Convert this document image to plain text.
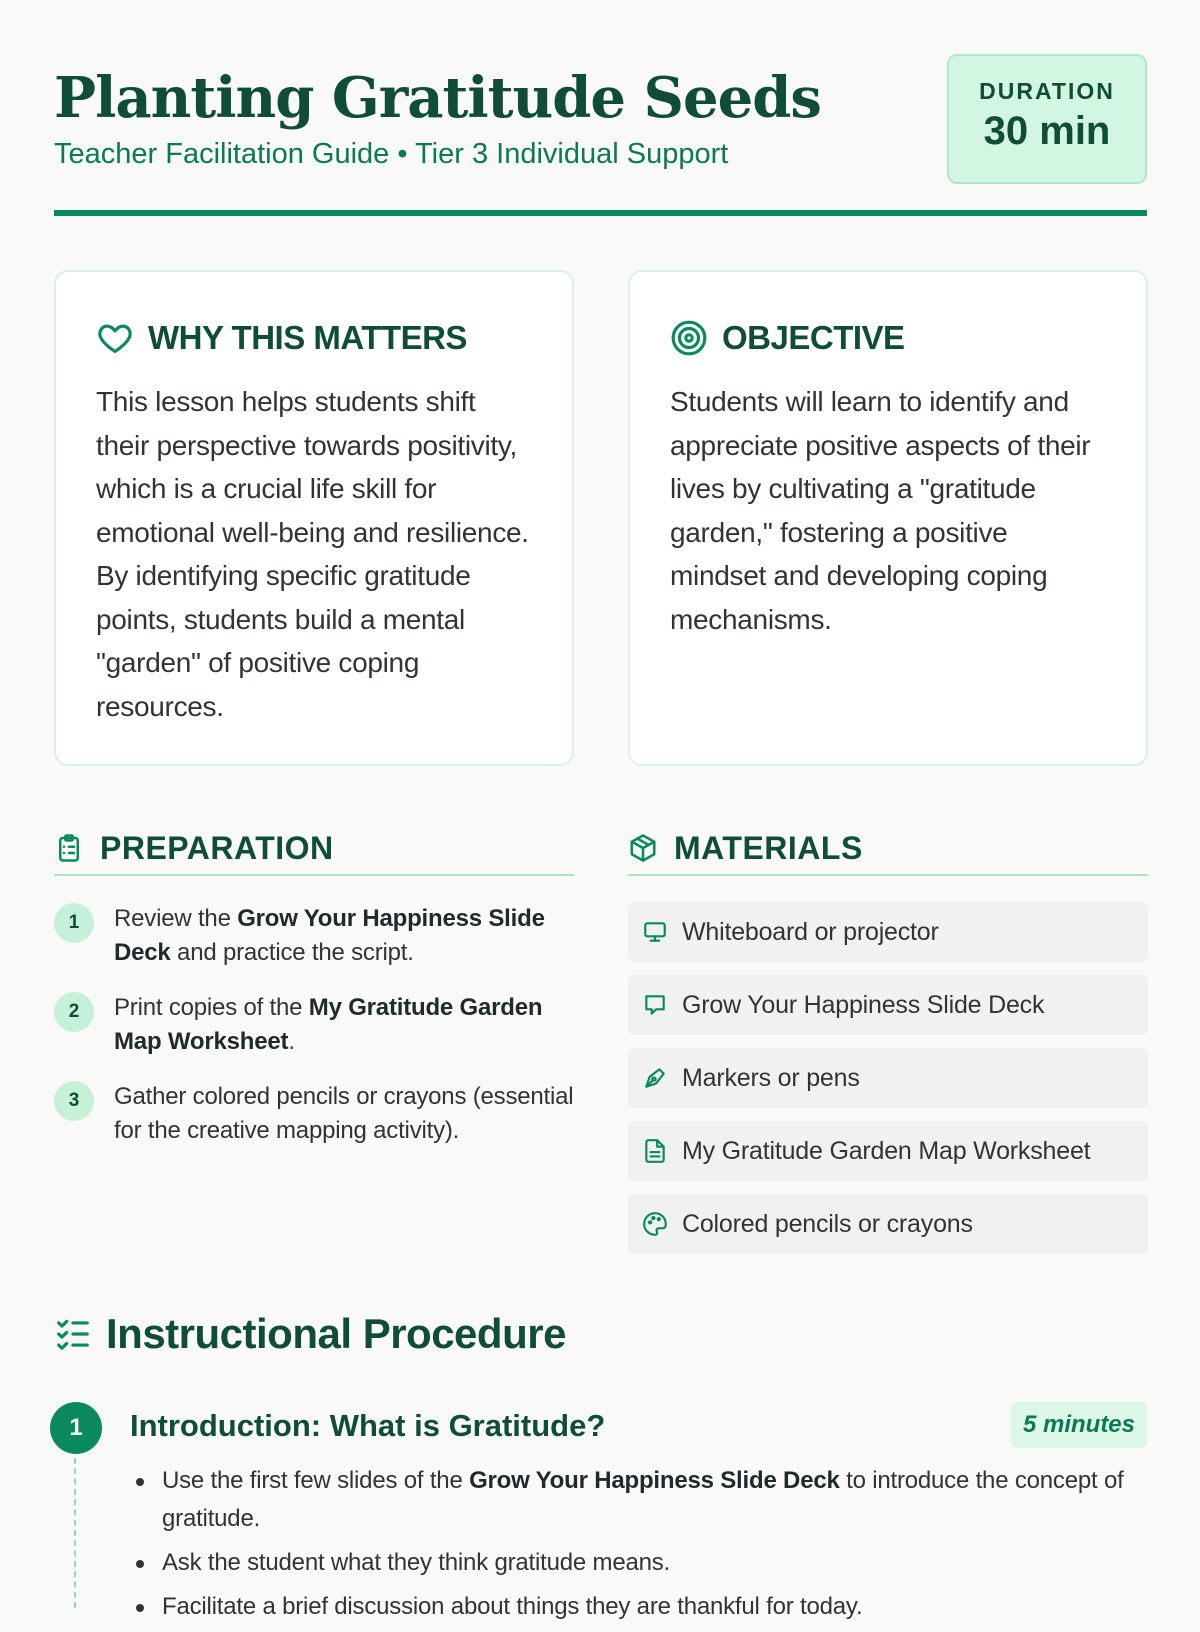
Planting Gratitude Seeds
Teacher Facilitation Guide • Tier 3 Individual Support
DURATION
30 min
WHY THIS MATTERS

This lesson helps students shift their perspective towards positivity, which is a crucial life skill for emotional well-being and resilience. By identifying specific gratitude points, students build a mental "garden" of positive coping resources.

OBJECTIVE

Students will learn to identify and appreciate positive aspects of their lives by cultivating a "gratitude garden," fostering a positive mindset and developing coping mechanisms.

PREPARATION
1	Review the Grow Your Happiness Slide Deck and practice the script.
2	Print copies of the My Gratitude Garden Map Worksheet.
3	Gather colored pencils or crayons (essential for the creative mapping activity).
MATERIALS
Whiteboard or projector
Grow Your Happiness Slide Deck
Markers or pens
My Gratitude Garden Map Worksheet
Colored pencils or crayons
Instructional Procedure
1	Introduction: What is Gratitude?	5 minutes
Use the first few slides of the Grow Your Happiness Slide Deck to introduce the concept of gratitude.
Ask the student what they think gratitude means.
Facilitate a brief discussion about things they are thankful for today.
